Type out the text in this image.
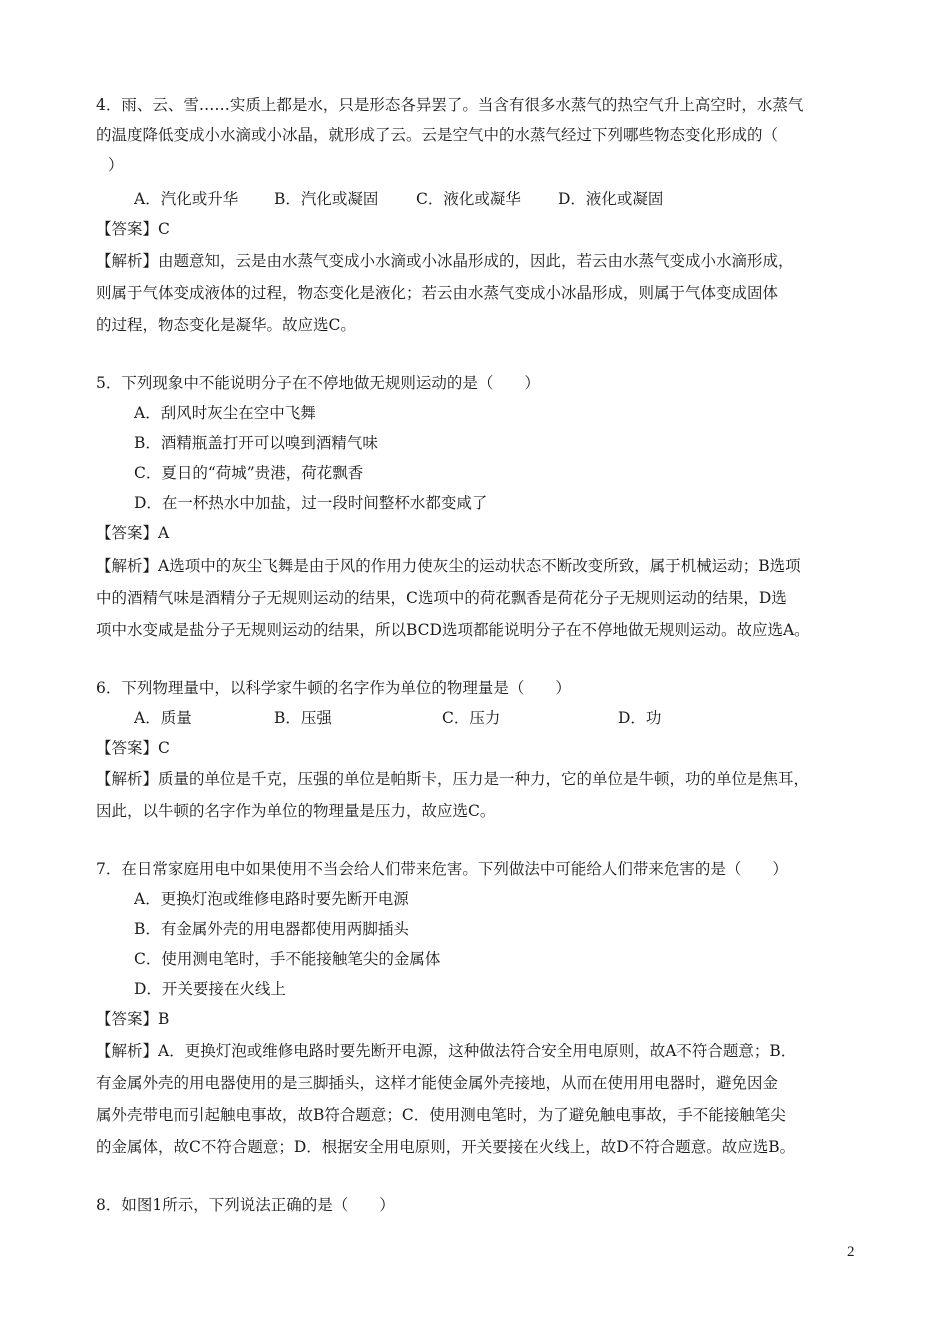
4．雨、云、雪……实质上都是水，只是形态各异罢了。当含有很多水蒸气的热空气升上高空时，水蒸气
的温度降低变成小水滴或小冰晶，就形成了云。云是空气中的水蒸气经过下列哪些物态变化形成的（
）
A．汽化或升华 B．汽化或凝固 C．液化或凝华 D．液化或凝固
【答案】C
【解析】由题意知，云是由水蒸气变成小水滴或小冰晶形成的，因此，若云由水蒸气变成小水滴形成，
则属于气体变成液体的过程，物态变化是液化；若云由水蒸气变成小冰晶形成，则属于气体变成固体
的过程，物态变化是凝华。故应选C。
5．下列现象中不能说明分子在不停地做无规则运动的是（　　）
A．刮风时灰尘在空中飞舞
B．酒精瓶盖打开可以嗅到酒精气味
C．夏日的“荷城”贵港，荷花飘香
D．在一杯热水中加盐，过一段时间整杯水都变咸了
【答案】A
【解析】A选项中的灰尘飞舞是由于风的作用力使灰尘的运动状态不断改变所致，属于机械运动；B选项
中的酒精气味是酒精分子无规则运动的结果，C选项中的荷花飘香是荷花分子无规则运动的结果，D选
项中水变咸是盐分子无规则运动的结果，所以BCD选项都能说明分子在不停地做无规则运动。故应选A。
6．下列物理量中，以科学家牛顿的名字作为单位的物理量是（　　）
A．质量	B．压强	C．压力	D．功
【答案】C
【解析】质量的单位是千克，压强的单位是帕斯卡，压力是一种力，它的单位是牛顿，功的单位是焦耳，
因此，以牛顿的名字作为单位的物理量是压力，故应选C。
7．在日常家庭用电中如果使用不当会给人们带来危害。下列做法中可能给人们带来危害的是（　　）
A．更换灯泡或维修电路时要先断开电源
B．有金属外壳的用电器都使用两脚插头
C．使用测电笔时，手不能接触笔尖的金属体
D．开关要接在火线上
【答案】B
【解析】A．更换灯泡或维修电路时要先断开电源，这种做法符合安全用电原则，故A不符合题意；B．
有金属外壳的用电器使用的是三脚插头，这样才能使金属外壳接地，从而在使用用电器时，避免因金
属外壳带电而引起触电事故，故B符合题意；C．使用测电笔时，为了避免触电事故，手不能接触笔尖
的金属体，故C不符合题意；D．根据安全用电原则，开关要接在火线上，故D不符合题意。故应选B。
8．如图1所示，下列说法正确的是（　　）
2
